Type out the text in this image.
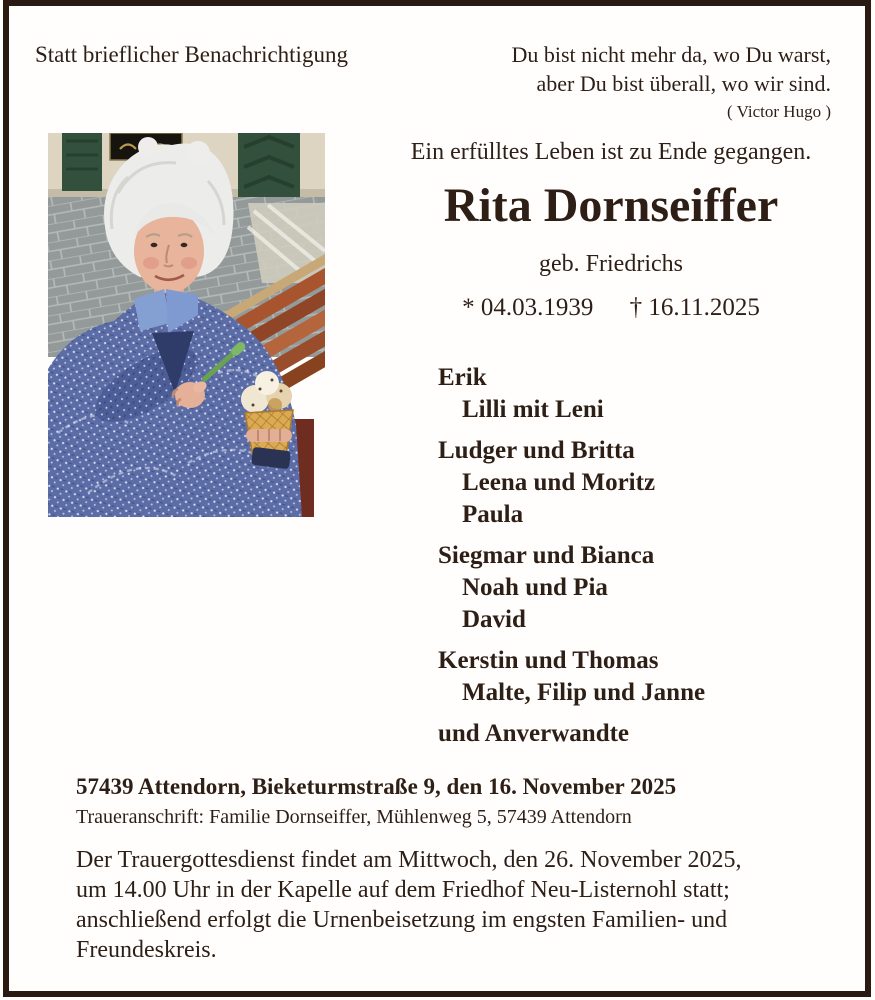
Statt brieflicher Benachrichtigung	Du bist nicht mehr da, wo Du warst,
aber Du bist überall, wo wir sind.
( Victor Hugo )
Ein erfülltes Leben ist zu Ende gegangen.
Rita Dornseiffer
geb. Friedrichs
* 04.03.1939 † 16.11.2025
Erik
Lilli mit Leni
Ludger und Britta
Leena und Moritz
Paula
Siegmar und Bianca
Noah und Pia
David
Kerstin und Thomas
Malte, Filip und Janne
und Anverwandte
57439 Attendorn, Bieketurmstraße 9, den 16. November 2025
Traueranschrift: Familie Dornseiffer, Mühlenweg 5, 57439 Attendorn
Der Trauergottesdienst findet am Mittwoch, den 26. November 2025,
um 14.00 Uhr in der Kapelle auf dem Friedhof Neu-Listernohl statt;
anschließend erfolgt die Urnenbeisetzung im engsten Familien- und
Freundeskreis.
